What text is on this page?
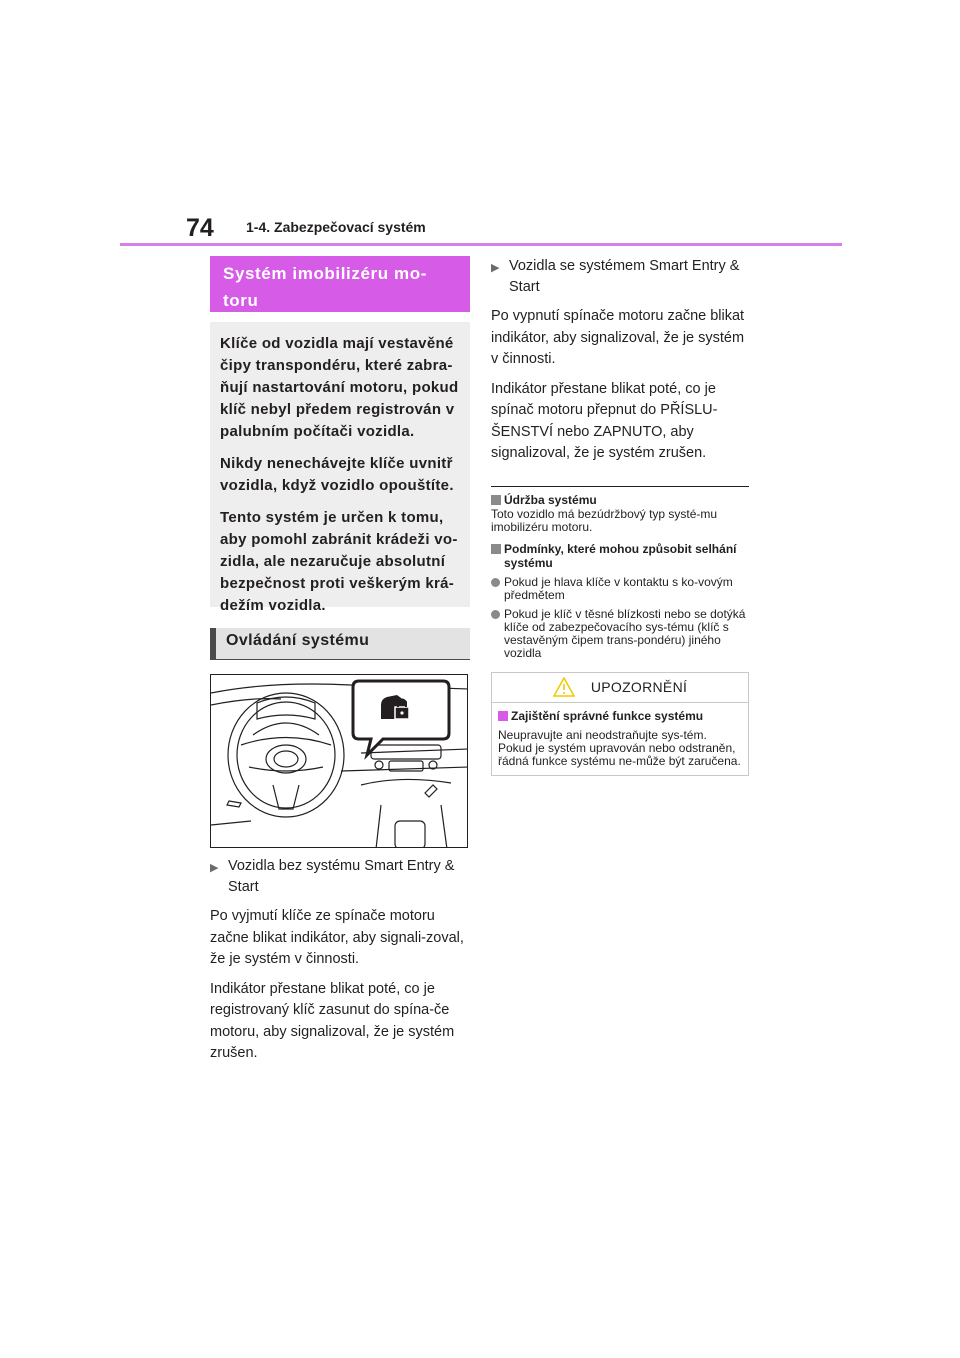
74 1-4. Zabezpečovací systém
Systém imobilizéru mo-toru

Klíče od vozidla mají vestavěné čipy transpondéru, které zabra-ňují nastartování motoru, pokud klíč nebyl předem registrován v palubním počítači vozidla.

Nikdy nenechávejte klíče uvnitř vozidla, když vozidlo opouštíte.

Tento systém je určen k tomu, aby pomohl zabránit krádeži vo-zidla, ale nezaručuje absolutní bezpečnost proti veškerým krá-dežím vozidla.

Ovládání systému
▶ Vozidla bez systému Smart Entry & Start

Po vyjmutí klíče ze spínače motoru začne blikat indikátor, aby signali-zoval, že je systém v činnosti.

Indikátor přestane blikat poté, co je registrovaný klíč zasunut do spína-če motoru, aby signalizoval, že je systém zrušen.

▶ Vozidla se systémem Smart Entry & Start

Po vypnutí spínače motoru začne blikat indikátor, aby signalizoval, že je systém v činnosti.

Indikátor přestane blikat poté, co je spínač motoru přepnut do PŘÍSLU-ŠENSTVÍ nebo ZAPNUTO, aby signalizoval, že je systém zrušen.

Údržba systému

Toto vozidlo má bezúdržbový typ systé-mu imobilizéru motoru.

Podmínky, které mohou způsobit selhání systému
Pokud je hlava klíče v kontaktu s ko-vovým předmětem
Pokud je klíč v těsné blízkosti nebo se dotýká klíče od zabezpečovacího sys-tému (klíč s vestavěným čipem trans-pondéru) jiného vozidla
UPOZORNĚNÍ
Zajištění správné funkce systému

Neupravujte ani neodstraňujte sys-tém. Pokud je systém upravován nebo odstraněn, řádná funkce systému ne-může být zaručena.
